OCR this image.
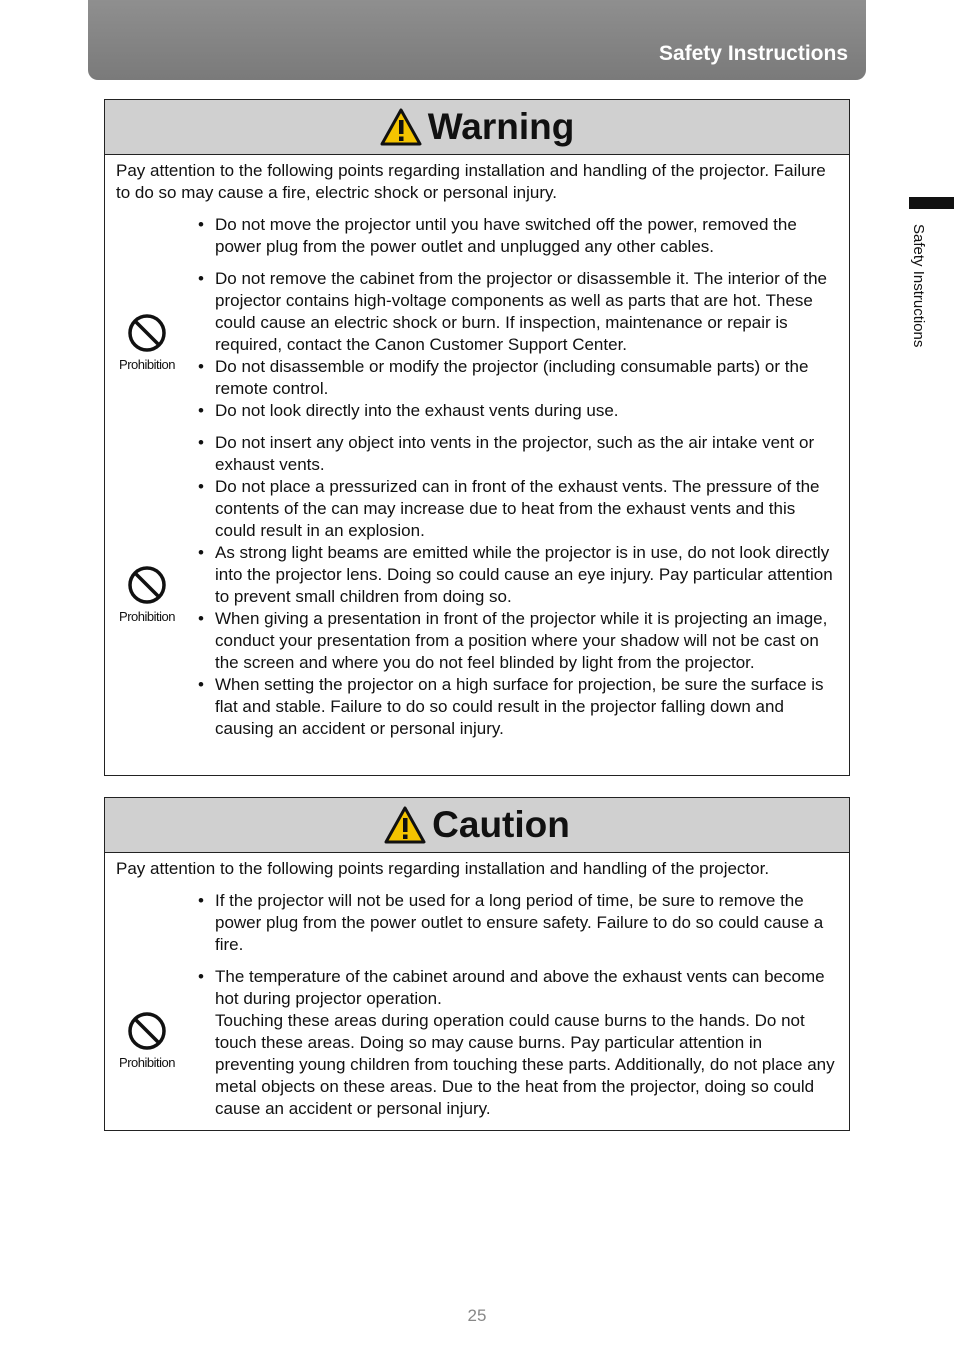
Safety Instructions
Safety Instructions
Warning
Pay attention to the following points regarding installation and handling of the projector. Failure to do so may cause a fire, electric shock or personal injury.
• Do not move the projector until you have switched off the power, removed the power plug from the power outlet and unplugged any other cables.
Prohibition
• Do not remove the cabinet from the projector or disassemble it. The interior of the projector contains high-voltage components as well as parts that are hot. These could cause an electric shock or burn. If inspection, maintenance or repair is required, contact the Canon Customer Support Center.
• Do not disassemble or modify the projector (including consumable parts) or the remote control.
• Do not look directly into the exhaust vents during use.
Prohibition
• Do not insert any object into vents in the projector, such as the air intake vent or exhaust vents.
• Do not place a pressurized can in front of the exhaust vents. The pressure of the contents of the can may increase due to heat from the exhaust vents and this could result in an explosion.
• As strong light beams are emitted while the projector is in use, do not look directly into the projector lens. Doing so could cause an eye injury. Pay particular attention to prevent small children from doing so.
• When giving a presentation in front of the projector while it is projecting an image, conduct your presentation from a position where your shadow will not be cast on the screen and where you do not feel blinded by light from the projector.
• When setting the projector on a high surface for projection, be sure the surface is flat and stable. Failure to do so could result in the projector falling down and causing an accident or personal injury.
Caution
Pay attention to the following points regarding installation and handling of the projector.
• If the projector will not be used for a long period of time, be sure to remove the power plug from the power outlet to ensure safety. Failure to do so could cause a fire.
Prohibition
• The temperature of the cabinet around and above the exhaust vents can become hot during projector operation.
Touching these areas during operation could cause burns to the hands. Do not touch these areas. Doing so may cause burns. Pay particular attention in preventing young children from touching these parts. Additionally, do not place any metal objects on these areas. Due to the heat from the projector, doing so could cause an accident or personal injury.
25
